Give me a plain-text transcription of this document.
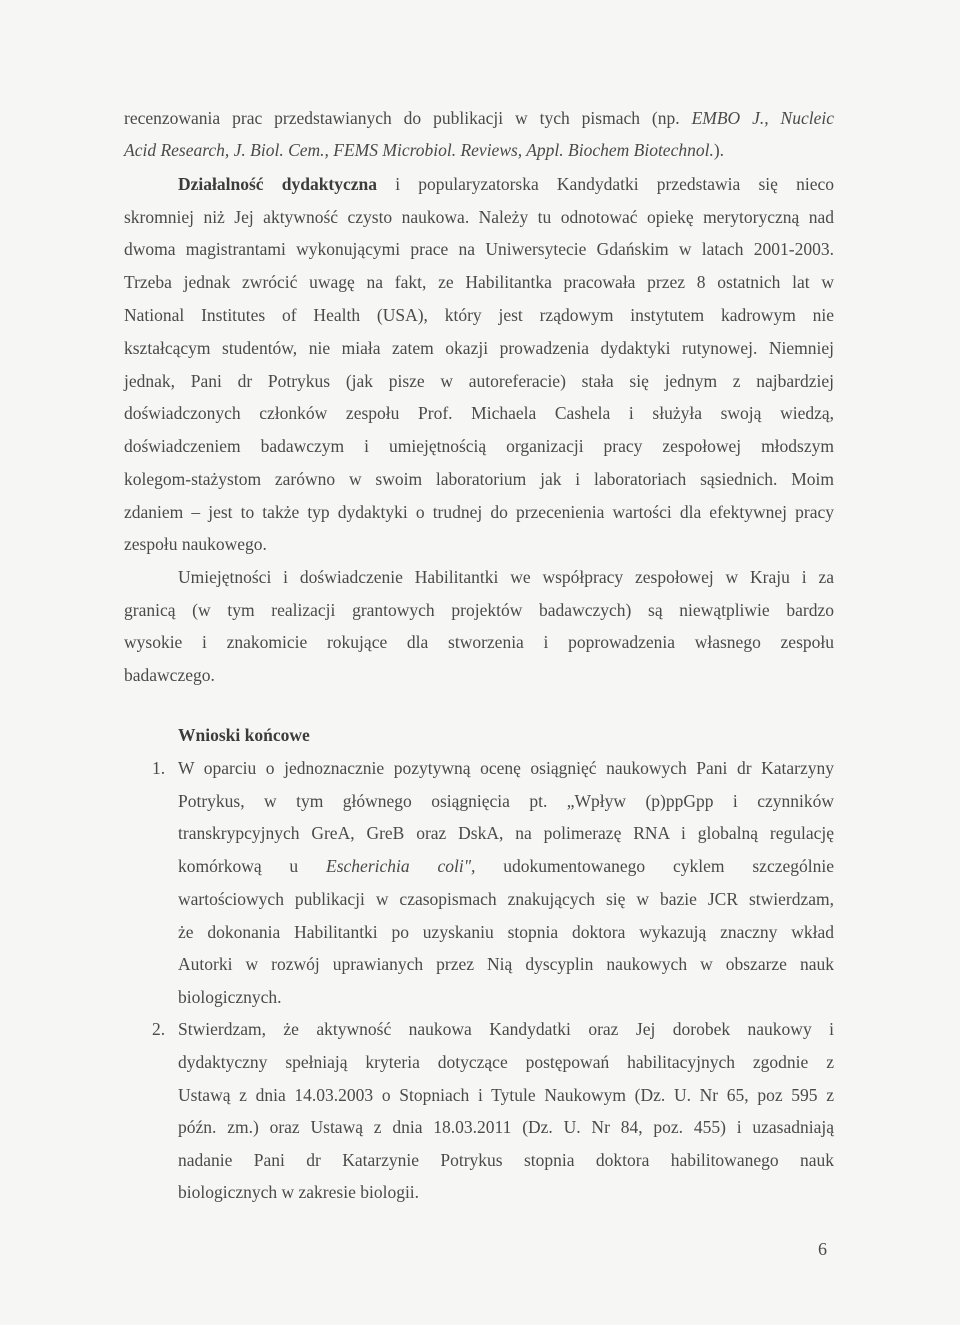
recenzowania prac przedstawianych do publikacji w tych pismach (np. EMBO J., Nucleic
Acid Research, J. Biol. Cem., FEMS Microbiol. Reviews, Appl. Biochem Biotechnol.).
Działalność dydaktyczna i popularyzatorska Kandydatki przedstawia się nieco
skromniej niż Jej aktywność czysto naukowa. Należy tu odnotować opiekę merytoryczną nad
dwoma magistrantami wykonującymi prace na Uniwersytecie Gdańskim w latach 2001-2003.
Trzeba jednak zwrócić uwagę na fakt, ze Habilitantka pracowała przez 8 ostatnich lat w
National Institutes of Health (USA), który jest rządowym instytutem kadrowym nie
kształcącym studentów, nie miała zatem okazji prowadzenia dydaktyki rutynowej. Niemniej
jednak, Pani dr Potrykus (jak pisze w autoreferacie) stała się jednym z najbardziej
doświadczonych członków zespołu Prof. Michaela Cashela i służyła swoją wiedzą,
doświadczeniem badawczym i umiejętnością organizacji pracy zespołowej młodszym
kolegom-stażystom zarówno w swoim laboratorium jak i laboratoriach sąsiednich. Moim
zdaniem – jest to także typ dydaktyki o trudnej do przecenienia wartości dla efektywnej pracy
zespołu naukowego.
Umiejętności i doświadczenie Habilitantki we współpracy zespołowej w Kraju i za
granicą (w tym realizacji grantowych projektów badawczych) są niewątpliwie bardzo
wysokie i znakomicie rokujące dla stworzenia i poprowadzenia własnego zespołu
badawczego.
Wnioski końcowe
1. W oparciu o jednoznacznie pozytywną ocenę osiągnięć naukowych Pani dr Katarzyny
Potrykus, w tym głównego osiągnięcia pt. „Wpływ (p)ppGpp i czynników
transkrypcyjnych GreA, GreB oraz DskA, na polimerazę RNA i globalną regulację
komórkową u Escherichia coli", udokumentowanego cyklem szczególnie
wartościowych publikacji w czasopismach znakujących się w bazie JCR stwierdzam,
że dokonania Habilitantki po uzyskaniu stopnia doktora wykazują znaczny wkład
Autorki w rozwój uprawianych przez Nią dyscyplin naukowych w obszarze nauk
biologicznych.
2. Stwierdzam, że aktywność naukowa Kandydatki oraz Jej dorobek naukowy i
dydaktyczny spełniają kryteria dotyczące postępowań habilitacyjnych zgodnie z
Ustawą z dnia 14.03.2003 o Stopniach i Tytule Naukowym (Dz. U. Nr 65, poz 595 z
późn. zm.) oraz Ustawą z dnia 18.03.2011 (Dz. U. Nr 84, poz. 455) i uzasadniają
nadanie Pani dr Katarzynie Potrykus stopnia doktora habilitowanego nauk
biologicznych w zakresie biologii.
6
